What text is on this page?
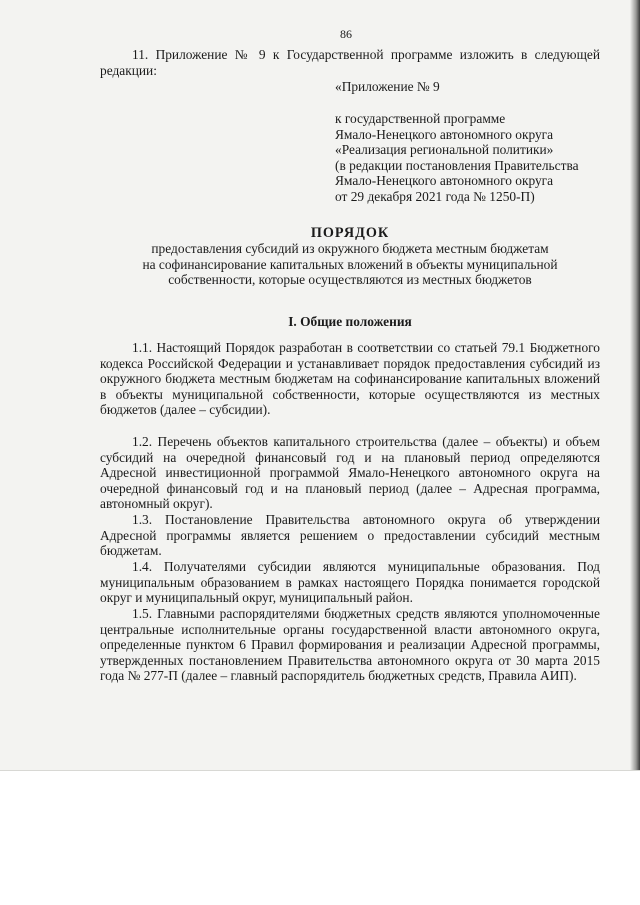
86

11. Приложение № 9 к Государственной программе изложить в следующей редакции:

«Приложение № 9

к государственной программе
Ямало-Ненецкого автономного округа
«Реализация региональной политики»
(в редакции постановления Правительства
Ямало-Ненецкого автономного округа
от 29 декабря 2021 года № 1250-П)

ПОРЯДОК

предоставления субсидий из окружного бюджета местным бюджетам
на софинансирование капитальных вложений в объекты муниципальной
собственности, которые осуществляются из местных бюджетов

I. Общие положения

1.1. Настоящий Порядок разработан в соответствии со статьей 79.1 Бюджетного кодекса Российской Федерации и устанавливает порядок предоставления субсидий из окружного бюджета местным бюджетам на софинансирование капитальных вложений в объекты муниципальной собственности, которые осуществляются из местных бюджетов (далее – субсидии).

1.2. Перечень объектов капитального строительства (далее – объекты) и объем субсидий на очередной финансовый год и на плановый период определяются Адресной инвестиционной программой Ямало-Ненецкого автономного округа на очередной финансовый год и на плановый период (далее – Адресная программа, автономный округ).

1.3. Постановление Правительства автономного округа об утверждении Адресной программы является решением о предоставлении субсидий местным бюджетам.

1.4. Получателями субсидии являются муниципальные образования. Под муниципальным образованием в рамках настоящего Порядка понимается городской округ и муниципальный округ, муниципальный район.

1.5. Главными распорядителями бюджетных средств являются уполномоченные центральные исполнительные органы государственной власти автономного округа, определенные пунктом 6 Правил формирования и реализации Адресной программы, утвержденных постановлением Правительства автономного округа от 30 марта 2015 года № 277-П (далее – главный распорядитель бюджетных средств, Правила АИП).
